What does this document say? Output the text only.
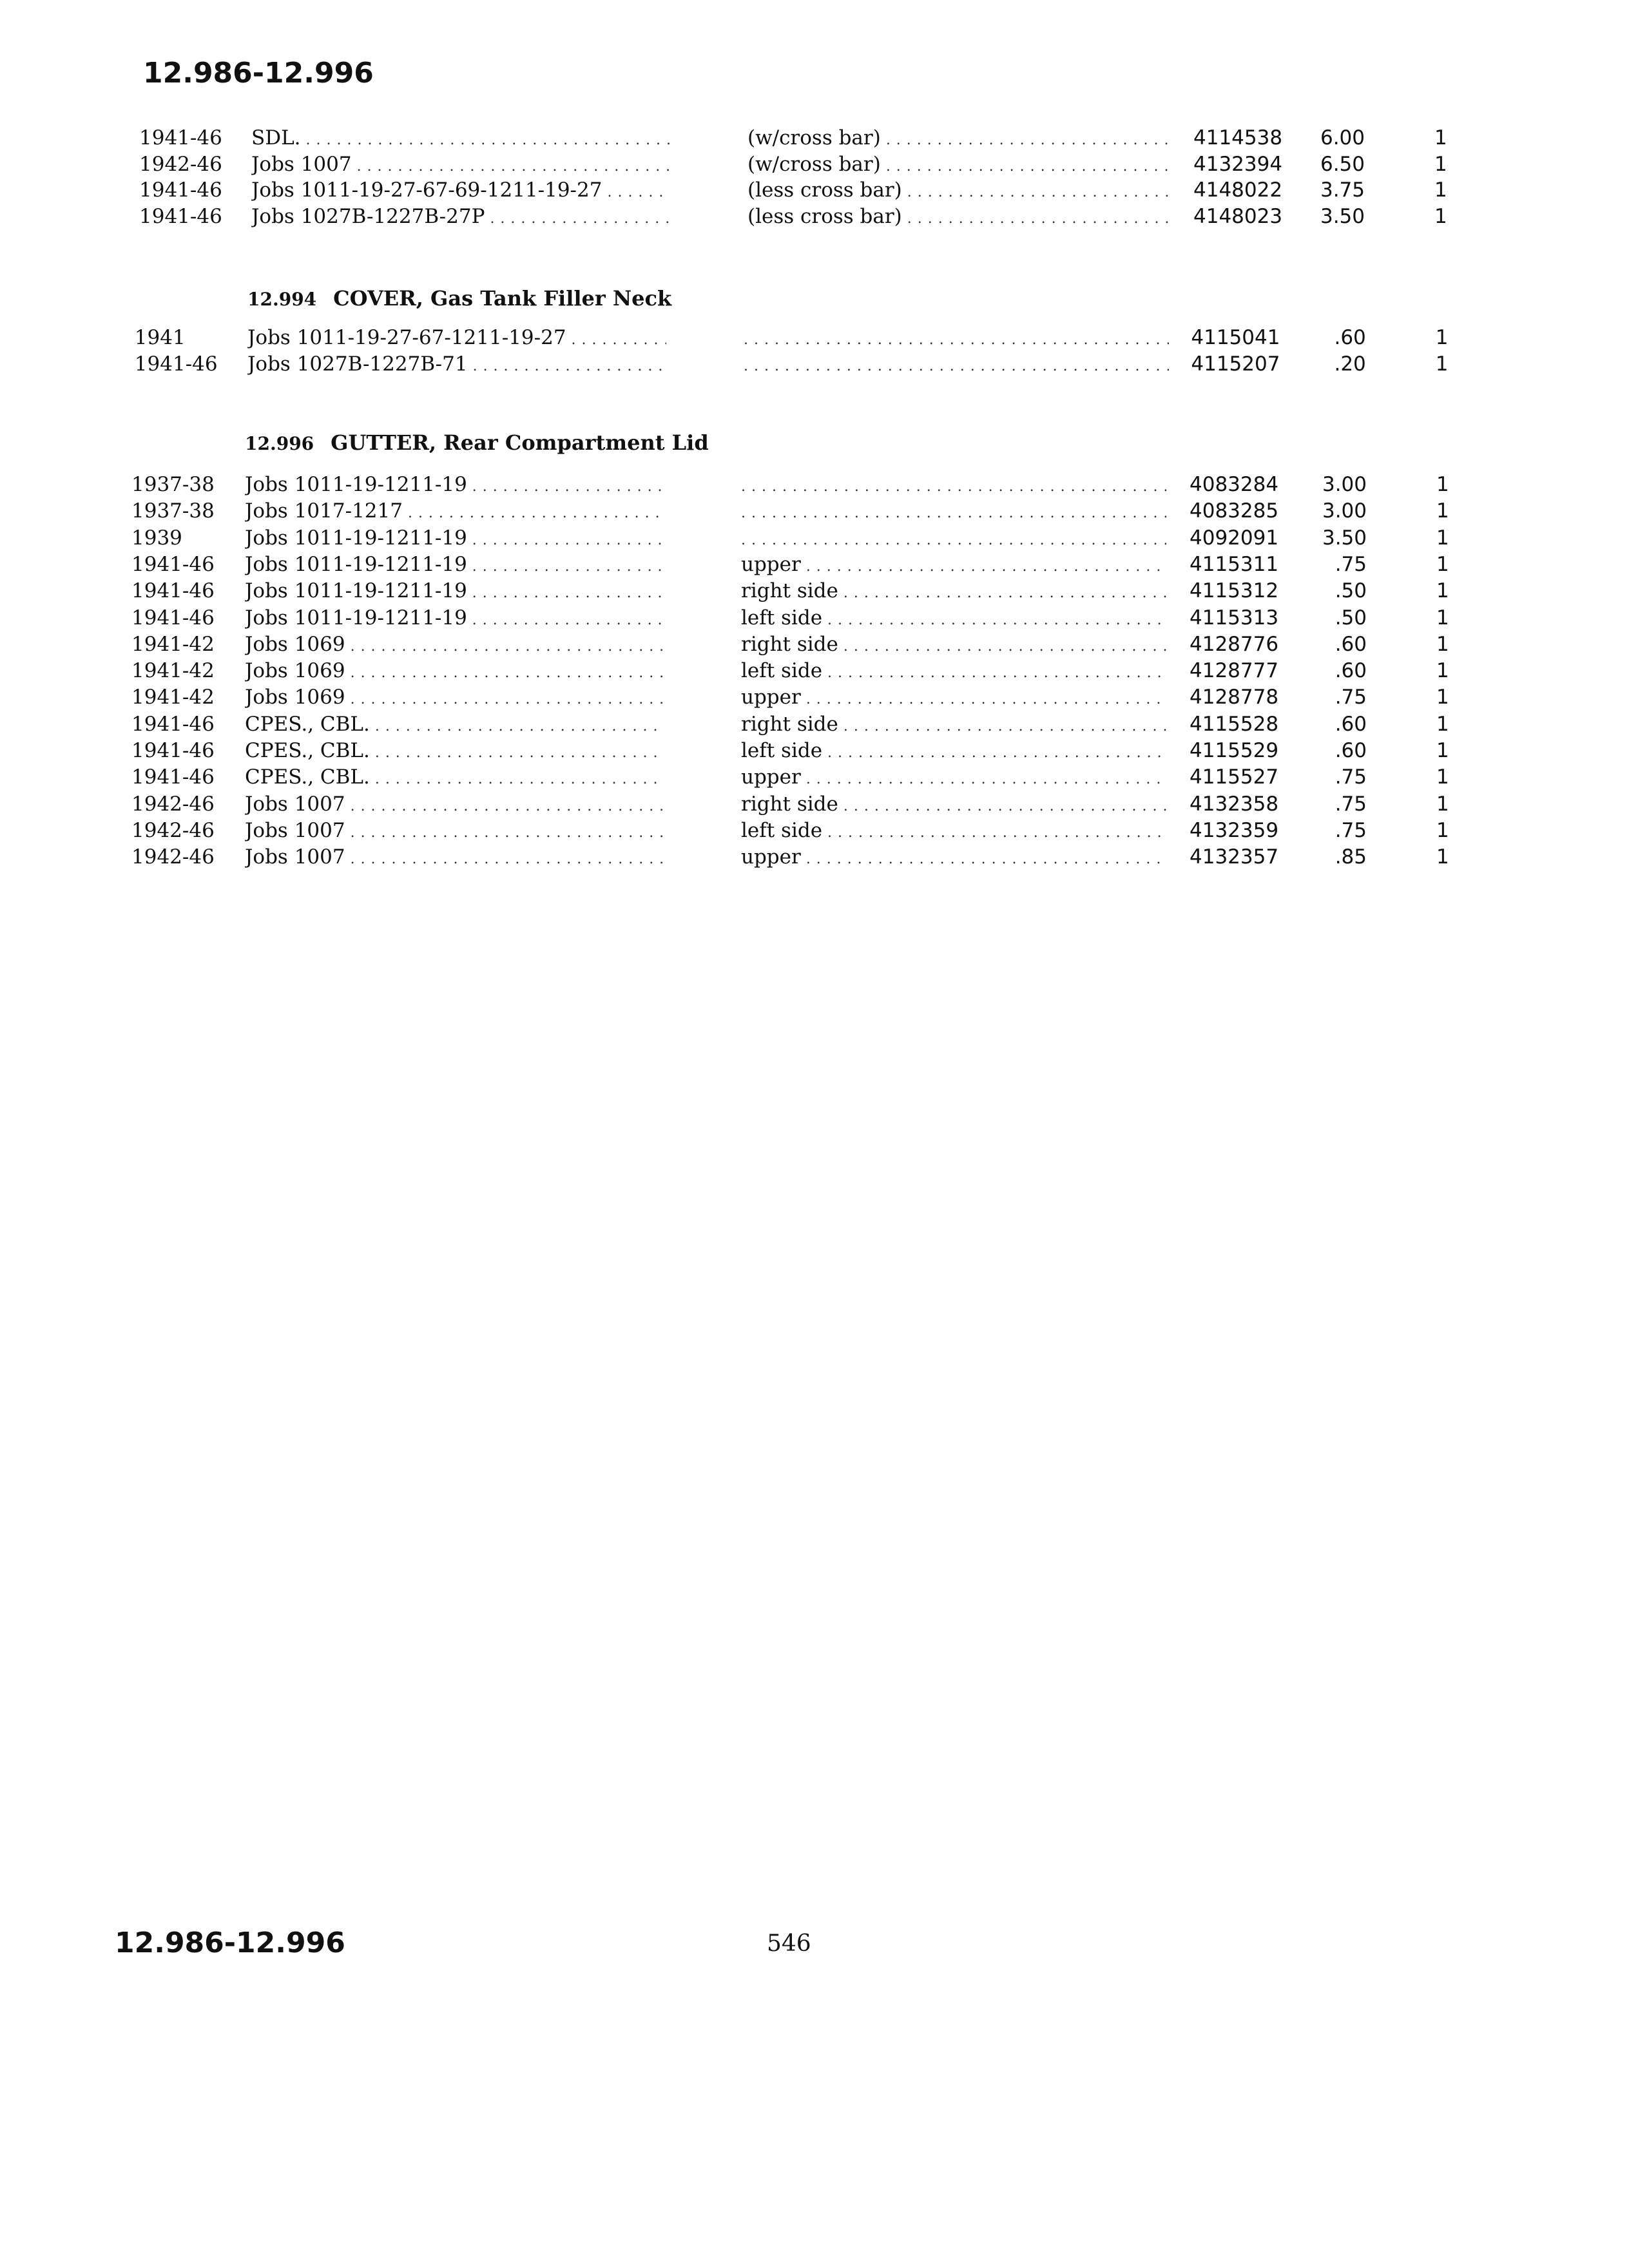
12.986-12.996
1941-46 SDL. . . .	(w/cross bar) . . .	4114538 6.00	1
1942-46 Jobs 1007 . . .	(w/cross bar) . . .	4132394 6.50	1
1941-46 Jobs 1011-19-27-67-69-1211-19-27 . . .	(less cross bar) . . .	4148022 3.75	1
1941-46 Jobs 1027B-1227B-27P . . .	(less cross bar) . . .	4148023 3.50	1
12.994 COVER, Gas Tank Filler Neck
1941	Jobs 1011-19-27-67-1211-19-27 . . . . . .	4115041	.60	1
1941-46 Jobs 1027B-1227B-71 . . . . . .	4115207	.20	1
12.996 GUTTER, Rear Compartment Lid
1937-38 Jobs 1011-19-1211-19 . . . . . .	4083284 3.00	1
1937-38 Jobs 1017-1217 . . . . . .	4083285 3.00	1
1939	Jobs 1011-19-1211-19 . . . . . .	4092091 3.50	1
1941-46 Jobs 1011-19-1211-19 . . .	upper . . .	4115311	.75	1
1941-46 Jobs 1011-19-1211-19 . . .	right side . . .	4115312	.50	1
1941-46 Jobs 1011-19-1211-19 . . .	left side . . .	4115313	.50	1
1941-42 Jobs 1069 . . .	right side . . .	4128776	.60	1
1941-42 Jobs 1069 . . .	left side . . .	4128777	.60	1
1941-42 Jobs 1069 . . .	upper . . .	4128778	.75	1
1941-46 CPES., CBL. . . .	right side . . .	4115528	.60	1
1941-46 CPES., CBL. . . .	left side . . .	4115529	.60	1
1941-46 CPES., CBL. . . .	upper . . .	4115527	.75	1
1942-46 Jobs 1007 . . .	right side . . .	4132358	.75	1
1942-46 Jobs 1007 . . .	left side . . .	4132359	.75	1
1942-46 Jobs 1007 . . .	upper . . .	4132357	.85	1
12.986-12.996	546
